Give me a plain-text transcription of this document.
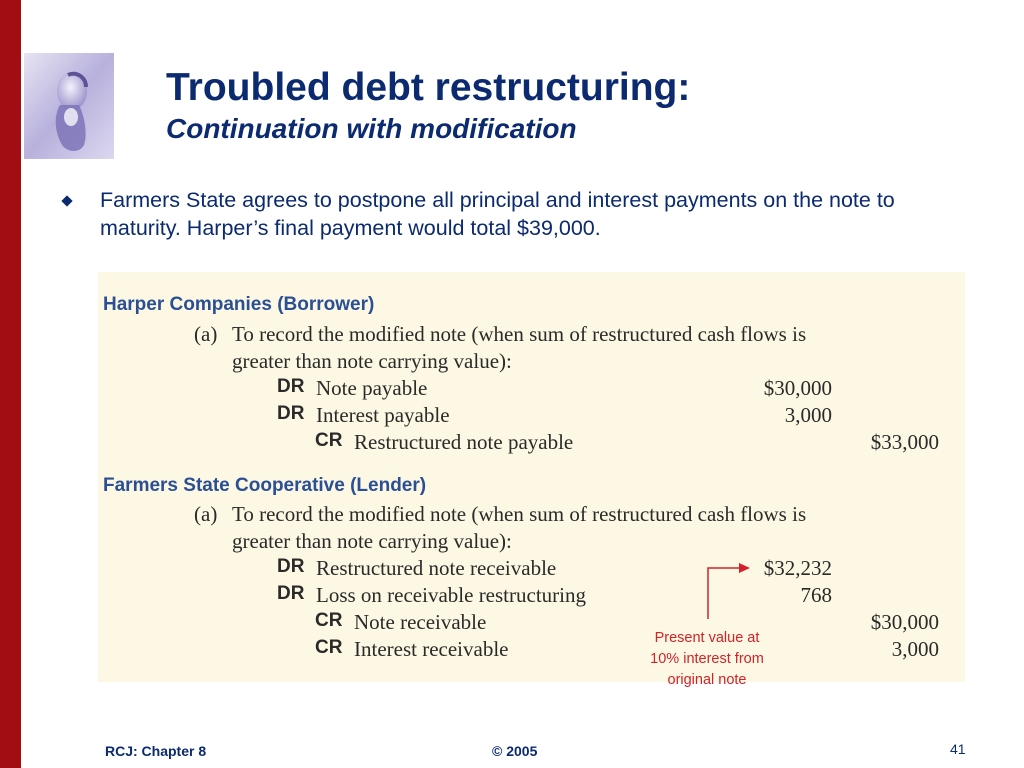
Troubled debt restructuring:
Continuation with modification
Farmers State agrees to postpone all principal and interest payments on the note to maturity. Harper’s final payment would total $39,000.
Harper Companies (Borrower)
(a) To record the modified note (when sum of restructured cash flows is
greater than note carrying value):
DR Note payable	$30,000
DR Interest payable	3,000
CR Restructured note payable	$33,000
Farmers State Cooperative (Lender)
(a) To record the modified note (when sum of restructured cash flows is
greater than note carrying value):
DR Restructured note receivable	$32,232
DR Loss on receivable restructuring	768
CR Note receivable	$30,000
CR Interest receivable	3,000
Present value at
10% interest from
original note
RCJ: Chapter 8	© 2005	41
